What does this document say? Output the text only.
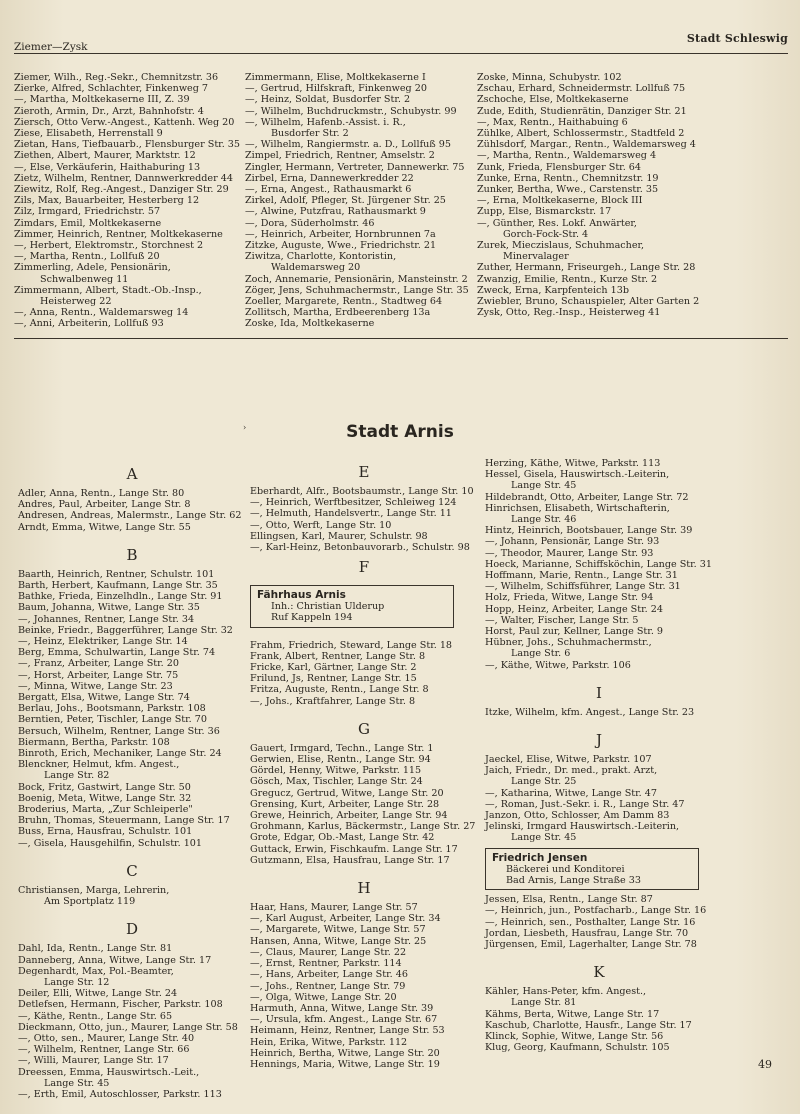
Ziemer—Zysk
Stadt Schleswig
Ziemer, Wilh., Reg.-Sekr., Chemnitzstr. 36
Zierke, Alfred, Schlachter, Finkenweg 7
—, Martha, Moltkekaserne III, Z. 39
Zieroth, Armin, Dr., Arzt, Bahnhofstr. 4
Ziersch, Otto Verw.-Angest., Kattenh. Weg 20
Ziese, Elisabeth, Herrenstall 9
Zietan, Hans, Tiefbauarb., Flensburger Str. 35
Ziethen, Albert, Maurer, Marktstr. 12
—, Else, Verkäuferin, Haithaburing 13
Zietz, Wilhelm, Rentner, Dannwerkredder 44
Ziewitz, Rolf, Reg.-Angest., Danziger Str. 29
Zils, Max, Bauarbeiter, Hesterberg 12
Zilz, Irmgard, Friedrichstr. 57
Zimdars, Emil, Moltkekaserne
Zimmer, Heinrich, Rentner, Moltkekaserne
—, Herbert, Elektromstr., Storchnest 2
—, Martha, Rentn., Lollfuß 20
Zimmerling, Adele, Pensionärin,
Schwalbenweg 11
Zimmermann, Albert, Stadt.-Ob.-Insp.,
Heisterweg 22
—, Anna, Rentn., Waldemarsweg 14
—, Anni, Arbeiterin, Lollfuß 93
Zimmermann, Elise, Moltkekaserne I
—, Gertrud, Hilfskraft, Finkenweg 20
—, Heinz, Soldat, Busdorfer Str. 2
—, Wilhelm, Buchdruckmstr., Schubystr. 99
—, Wilhelm, Hafenb.-Assist. i. R.,
Busdorfer Str. 2
—, Wilhelm, Rangiermstr. a. D., Lollfuß 95
Zimpel, Friedrich, Rentner, Amselstr. 2
Zingler, Hermann, Vertreter, Dannewerkr. 75
Zirbel, Erna, Dannewerkredder 22
—, Erna, Angest., Rathausmarkt 6
Zirkel, Adolf, Pfleger, St. Jürgener Str. 25
—, Alwine, Putzfrau, Rathausmarkt 9
—, Dora, Süderholmstr. 46
—, Heinrich, Arbeiter, Hornbrunnen 7a
Zitzke, Auguste, Wwe., Friedrichstr. 21
Ziwitza, Charlotte, Kontoristin,
Waldemarsweg 20
Zoch, Annemarie, Pensionärin, Mansteinstr. 2
Zöger, Jens, Schuhmachermstr., Lange Str. 35
Zoeller, Margarete, Rentn., Stadtweg 64
Zollitsch, Martha, Erdbeerenberg 13a
Zoske, Ida, Moltkekaserne
Zoske, Minna, Schubystr. 102
Zschau, Erhard, Schneidermstr. Lollfuß 75
Zschoche, Else, Moltkekaserne
Zude, Edith, Studienrätin, Danziger Str. 21
—, Max, Rentn., Haithabuing 6
Zühlke, Albert, Schlossermstr., Stadtfeld 2
Zühlsdorf, Margar., Rentn., Waldemarsweg 4
—, Martha, Rentn., Waldemarsweg 4
Zunk, Frieda, Flensburger Str. 64
Zunke, Erna, Rentn., Chemnitzstr. 19
Zunker, Bertha, Wwe., Carstenstr. 35
—, Erna, Moltkekaserne, Block III
Zupp, Else, Bismarckstr. 17
—, Günther, Res. Lokf. Anwärter,
Gorch-Fock-Str. 4
Zurek, Mieczislaus, Schuhmacher,
Minervalager
Zuther, Hermann, Friseurgeh., Lange Str. 28
Zwanzig, Emilie, Rentn., Kurze Str. 2
Zweck, Erna, Karpfenteich 13b
Zwiebler, Bruno, Schauspieler, Alter Garten 2
Zysk, Otto, Reg.-Insp., Heisterweg 41
›	Stadt Arnis
A
Adler, Anna, Rentn., Lange Str. 80
Andres, Paul, Arbeiter, Lange Str. 8
Andresen, Andreas, Malermstr., Lange Str. 62
Arndt, Emma, Witwe, Lange Str. 55
B
Baarth, Heinrich, Rentner, Schulstr. 101
Barth, Herbert, Kaufmann, Lange Str. 35
Bathke, Frieda, Einzelhdln., Lange Str. 91
Baum, Johanna, Witwe, Lange Str. 35
—, Johannes, Rentner, Lange Str. 34
Beinke, Friedr., Baggerführer, Lange Str. 32
—, Heinz, Elektriker, Lange Str. 14
Berg, Emma, Schulwartin, Lange Str. 74
—, Franz, Arbeiter, Lange Str. 20
—, Horst, Arbeiter, Lange Str. 75
—, Minna, Witwe, Lange Str. 23
Bergatt, Elsa, Witwe, Lange Str. 74
Berlau, Johs., Bootsmann, Parkstr. 108
Berntien, Peter, Tischler, Lange Str. 70
Bersuch, Wilhelm, Rentner, Lange Str. 36
Biermann, Bertha, Parkstr. 108
Binroth, Erich, Mechaniker, Lange Str. 24
Blenckner, Helmut, kfm. Angest.,
Lange Str. 82
Bock, Fritz, Gastwirt, Lange Str. 50
Boenig, Meta, Witwe, Lange Str. 32
Broderius, Marta, „Zur Schleiperle"
Bruhn, Thomas, Steuermann, Lange Str. 17
Buss, Erna, Hausfrau, Schulstr. 101
—, Gisela, Hausgehilfin, Schulstr. 101
C
Christiansen, Marga, Lehrerin,
Am Sportplatz 119
D
Dahl, Ida, Rentn., Lange Str. 81
Danneberg, Anna, Witwe, Lange Str. 17
Degenhardt, Max, Pol.-Beamter,
Lange Str. 12
Deiler, Elli, Witwe, Lange Str. 24
Detlefsen, Hermann, Fischer, Parkstr. 108
—, Käthe, Rentn., Lange Str. 65
Dieckmann, Otto, jun., Maurer, Lange Str. 58
—, Otto, sen., Maurer, Lange Str. 40
—, Wilhelm, Rentner, Lange Str. 66
—, Willi, Maurer, Lange Str. 17
Dreessen, Emma, Hauswirtsch.-Leit.,
Lange Str. 45
—, Erth, Emil, Autoschlosser, Parkstr. 113
E
Eberhardt, Alfr., Bootsbaumstr., Lange Str. 10
—, Heinrich, Werftbesitzer, Schleiweg 124
—, Helmuth, Handelsvertr., Lange Str. 11
—, Otto, Werft, Lange Str. 10
Ellingsen, Karl, Maurer, Schulstr. 98
—, Karl-Heinz, Betonbauvorarb., Schulstr. 98
F
Fährhaus Arnis
Inh.: Christian Ulderup
Ruf Kappeln 194
Frahm, Friedrich, Steward, Lange Str. 18
Frank, Albert, Rentner, Lange Str. 8
Fricke, Karl, Gärtner, Lange Str. 2
Frilund, Js, Rentner, Lange Str. 15
Fritza, Auguste, Rentn., Lange Str. 8
—, Johs., Kraftfahrer, Lange Str. 8
G
Gauert, Irmgard, Techn., Lange Str. 1
Gerwien, Elise, Rentn., Lange Str. 94
Gördel, Henny, Witwe, Parkstr. 115
Gösch, Max, Tischler, Lange Str. 24
Gregucz, Gertrud, Witwe, Lange Str. 20
Grensing, Kurt, Arbeiter, Lange Str. 28
Grewe, Heinrich, Arbeiter, Lange Str. 94
Grohmann, Karlus, Bäckermstr., Lange Str. 27
Grote, Edgar, Ob.-Mast, Lange Str. 42
Guttack, Erwin, Fischkaufm. Lange Str. 17
Gutzmann, Elsa, Hausfrau, Lange Str. 17
H
Haar, Hans, Maurer, Lange Str. 57
—, Karl August, Arbeiter, Lange Str. 34
—, Margarete, Witwe, Lange Str. 57
Hansen, Anna, Witwe, Lange Str. 25
—, Claus, Maurer, Lange Str. 22
—, Ernst, Rentner, Parkstr. 114
—, Hans, Arbeiter, Lange Str. 46
—, Johs., Rentner, Lange Str. 79
—, Olga, Witwe, Lange Str. 20
Harmuth, Anna, Witwe, Lange Str. 39
—, Ursula, kfm. Angest., Lange Str. 67
Heimann, Heinz, Rentner, Lange Str. 53
Hein, Erika, Witwe, Parkstr. 112
Heinrich, Bertha, Witwe, Lange Str. 20
Hennings, Maria, Witwe, Lange Str. 19
Herzing, Käthe, Witwe, Parkstr. 113
Hessel, Gisela, Hauswirtsch.-Leiterin,
Lange Str. 45
Hildebrandt, Otto, Arbeiter, Lange Str. 72
Hinrichsen, Elisabeth, Wirtschafterin,
Lange Str. 46
Hintz, Heinrich, Bootsbauer, Lange Str. 39
—, Johann, Pensionär, Lange Str. 93
—, Theodor, Maurer, Lange Str. 93
Hoeck, Marianne, Schiffsköchin, Lange Str. 31
Hoffmann, Marie, Rentn., Lange Str. 31
—, Wilhelm, Schiffsführer, Lange Str. 31
Holz, Frieda, Witwe, Lange Str. 94
Hopp, Heinz, Arbeiter, Lange Str. 24
—, Walter, Fischer, Lange Str. 5
Horst, Paul zur, Kellner, Lange Str. 9
Hübner, Johs., Schuhmachermstr.,
Lange Str. 6
—, Käthe, Witwe, Parkstr. 106
I
Itzke, Wilhelm, kfm. Angest., Lange Str. 23
J
Jaeckel, Elise, Witwe, Parkstr. 107
Jaich, Friedr., Dr. med., prakt. Arzt,
Lange Str. 25
—, Katharina, Witwe, Lange Str. 47
—, Roman, Just.-Sekr. i. R., Lange Str. 47
Janzon, Otto, Schlosser, Am Damm 83
Jelinski, Irmgard Hauswirtsch.-Leiterin,
Lange Str. 45
Friedrich Jensen
Bäckerei und Konditorei
Bad Arnis, Lange Straße 33
Jessen, Elsa, Rentn., Lange Str. 87
—, Heinrich, jun., Postfacharb., Lange Str. 16
—, Heinrich, sen., Posthalter, Lange Str. 16
Jordan, Liesbeth, Hausfrau, Lange Str. 70
Jürgensen, Emil, Lagerhalter, Lange Str. 78
K
Kähler, Hans-Peter, kfm. Angest.,
Lange Str. 81
Kähms, Berta, Witwe, Lange Str. 17
Kaschub, Charlotte, Hausfr., Lange Str. 17
Klinck, Sophie, Witwe, Lange Str. 56
Klug, Georg, Kaufmann, Schulstr. 105
49
